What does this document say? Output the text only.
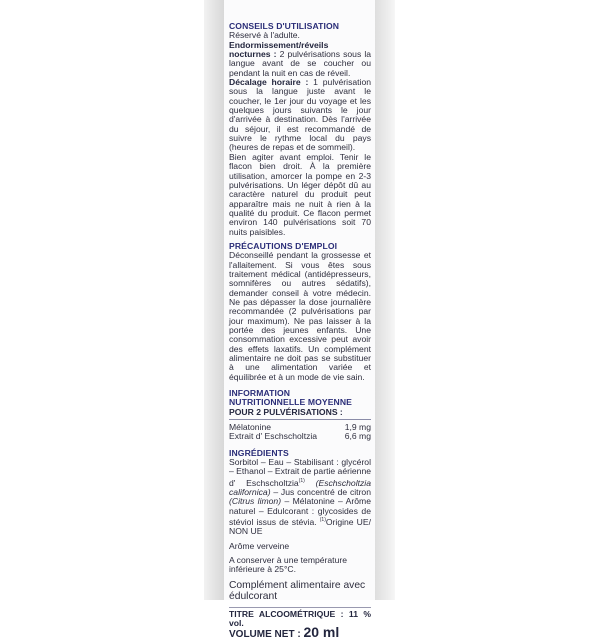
CONSEILS D'UTILISATION

Réservé à l'adulte.

Endormissement/réveils nocturnes : 2 pulvérisations sous la langue avant de se coucher ou pendant la nuit en cas de réveil.

Décalage horaire : 1 pulvérisation sous la langue juste avant le coucher, le 1er jour du voyage et les quelques jours suivants le jour d'arrivée à destination. Dès l'arrivée du séjour, il est recommandé de suivre le rythme local du pays (heures de repas et de sommeil).

Bien agiter avant emploi. Tenir le flacon bien droit. À la première utilisation, amorcer la pompe en 2-3 pulvérisations. Un léger dépôt dû au caractère naturel du produit peut apparaître mais ne nuit à rien à la qualité du produit. Ce flacon permet environ 140 pulvérisations soit 70 nuits paisibles.

PRÉCAUTIONS D'EMPLOI

Déconseillé pendant la grossesse et l'allaitement. Si vous êtes sous traitement médical (antidépresseurs, somnifères ou autres sédatifs), demander conseil à votre médecin. Ne pas dépasser la dose journalière recommandée (2 pulvérisations par jour maximum). Ne pas laisser à la portée des jeunes enfants. Une consommation excessive peut avoir des effets laxatifs. Un complément alimentaire ne doit pas se substituer à une alimentation variée et équilibrée et à un mode de vie sain.

INFORMATION
NUTRITIONNELLE MOYENNE
POUR 2 PULVÉRISATIONS :
Mélatonine	1,9 mg
Extrait d' Eschscholtzia	6,6 mg
INGRÉDIENTS

Sorbitol – Eau – Stabilisant : glycérol – Ethanol – Extrait de partie aérienne d' Eschscholtzia$^{(1)}$ (Eschscholtzia californica) – Jus concentré de citron (Citrus limon) – Mélatonine – Arôme naturel – Edulcorant : glycosides de stéviol issus de stévia. $^{(1)}$Origine UE/ NON UE

Arôme verveine

A conserver à une température inférieure à 25°C.

Complément alimentaire avec édulcorant

TITRE ALCOOMÉTRIQUE : 11 % vol.
VOLUME NET : 20 ml
